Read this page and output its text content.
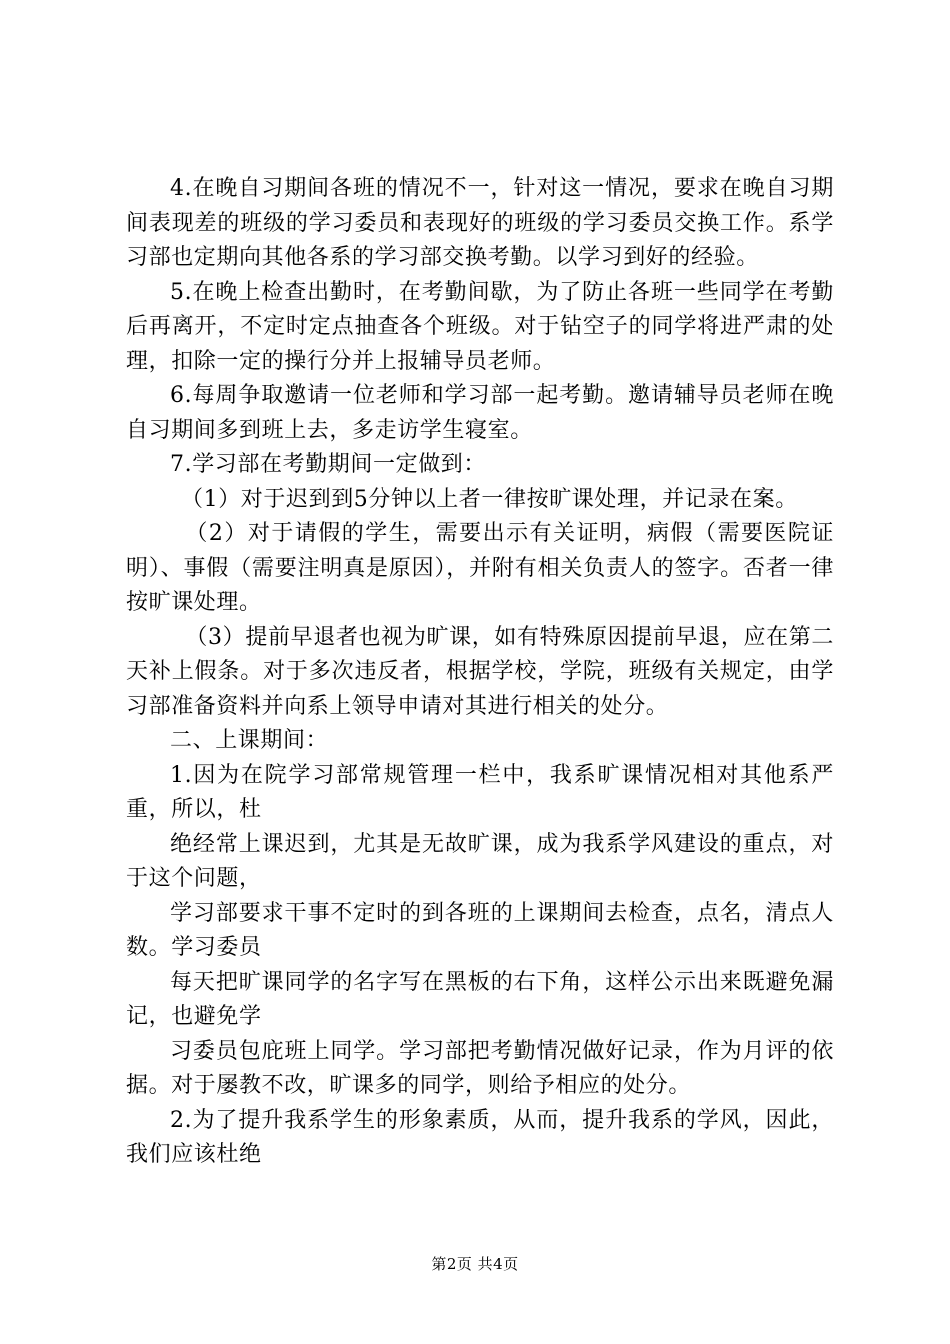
4.在晚自习期间各班的情况不一，针对这一情况，要求在晚自习期间表现差的班级的学习委员和表现好的班级的学习委员交换工作。系学习部也定期向其他各系的学习部交换考勤。以学习到好的经验。

5.在晚上检查出勤时，在考勤间歇，为了防止各班一些同学在考勤后再离开，不定时定点抽查各个班级。对于钻空子的同学将进严肃的处理，扣除一定的操行分并上报辅导员老师。

6.每周争取邀请一位老师和学习部一起考勤。邀请辅导员老师在晚自习期间多到班上去，多走访学生寝室。

7.学习部在考勤期间一定做到：

（1）对于迟到到5分钟以上者一律按旷课处理，并记录在案。

（2）对于请假的学生，需要出示有关证明，病假（需要医院证明）、事假（需要注明真是原因），并附有相关负责人的签字。否者一律按旷课处理。

（3）提前早退者也视为旷课，如有特殊原因提前早退，应在第二天补上假条。对于多次违反者，根据学校，学院，班级有关规定，由学习部准备资料并向系上领导申请对其进行相关的处分。

二、上课期间：

1.因为在院学习部常规管理一栏中，我系旷课情况相对其他系严重，所以，杜

绝经常上课迟到，尤其是无故旷课，成为我系学风建设的重点，对于这个问题，

学习部要求干事不定时的到各班的上课期间去检查，点名，清点人数。学习委员

每天把旷课同学的名字写在黑板的右下角，这样公示出来既避免漏记，也避免学

习委员包庇班上同学。学习部把考勤情况做好记录，作为月评的依据。对于屡教不改，旷课多的同学，则给予相应的处分。

2.为了提升我系学生的形象素质，从而，提升我系的学风，因此，我们应该杜绝

第2页 共4页
